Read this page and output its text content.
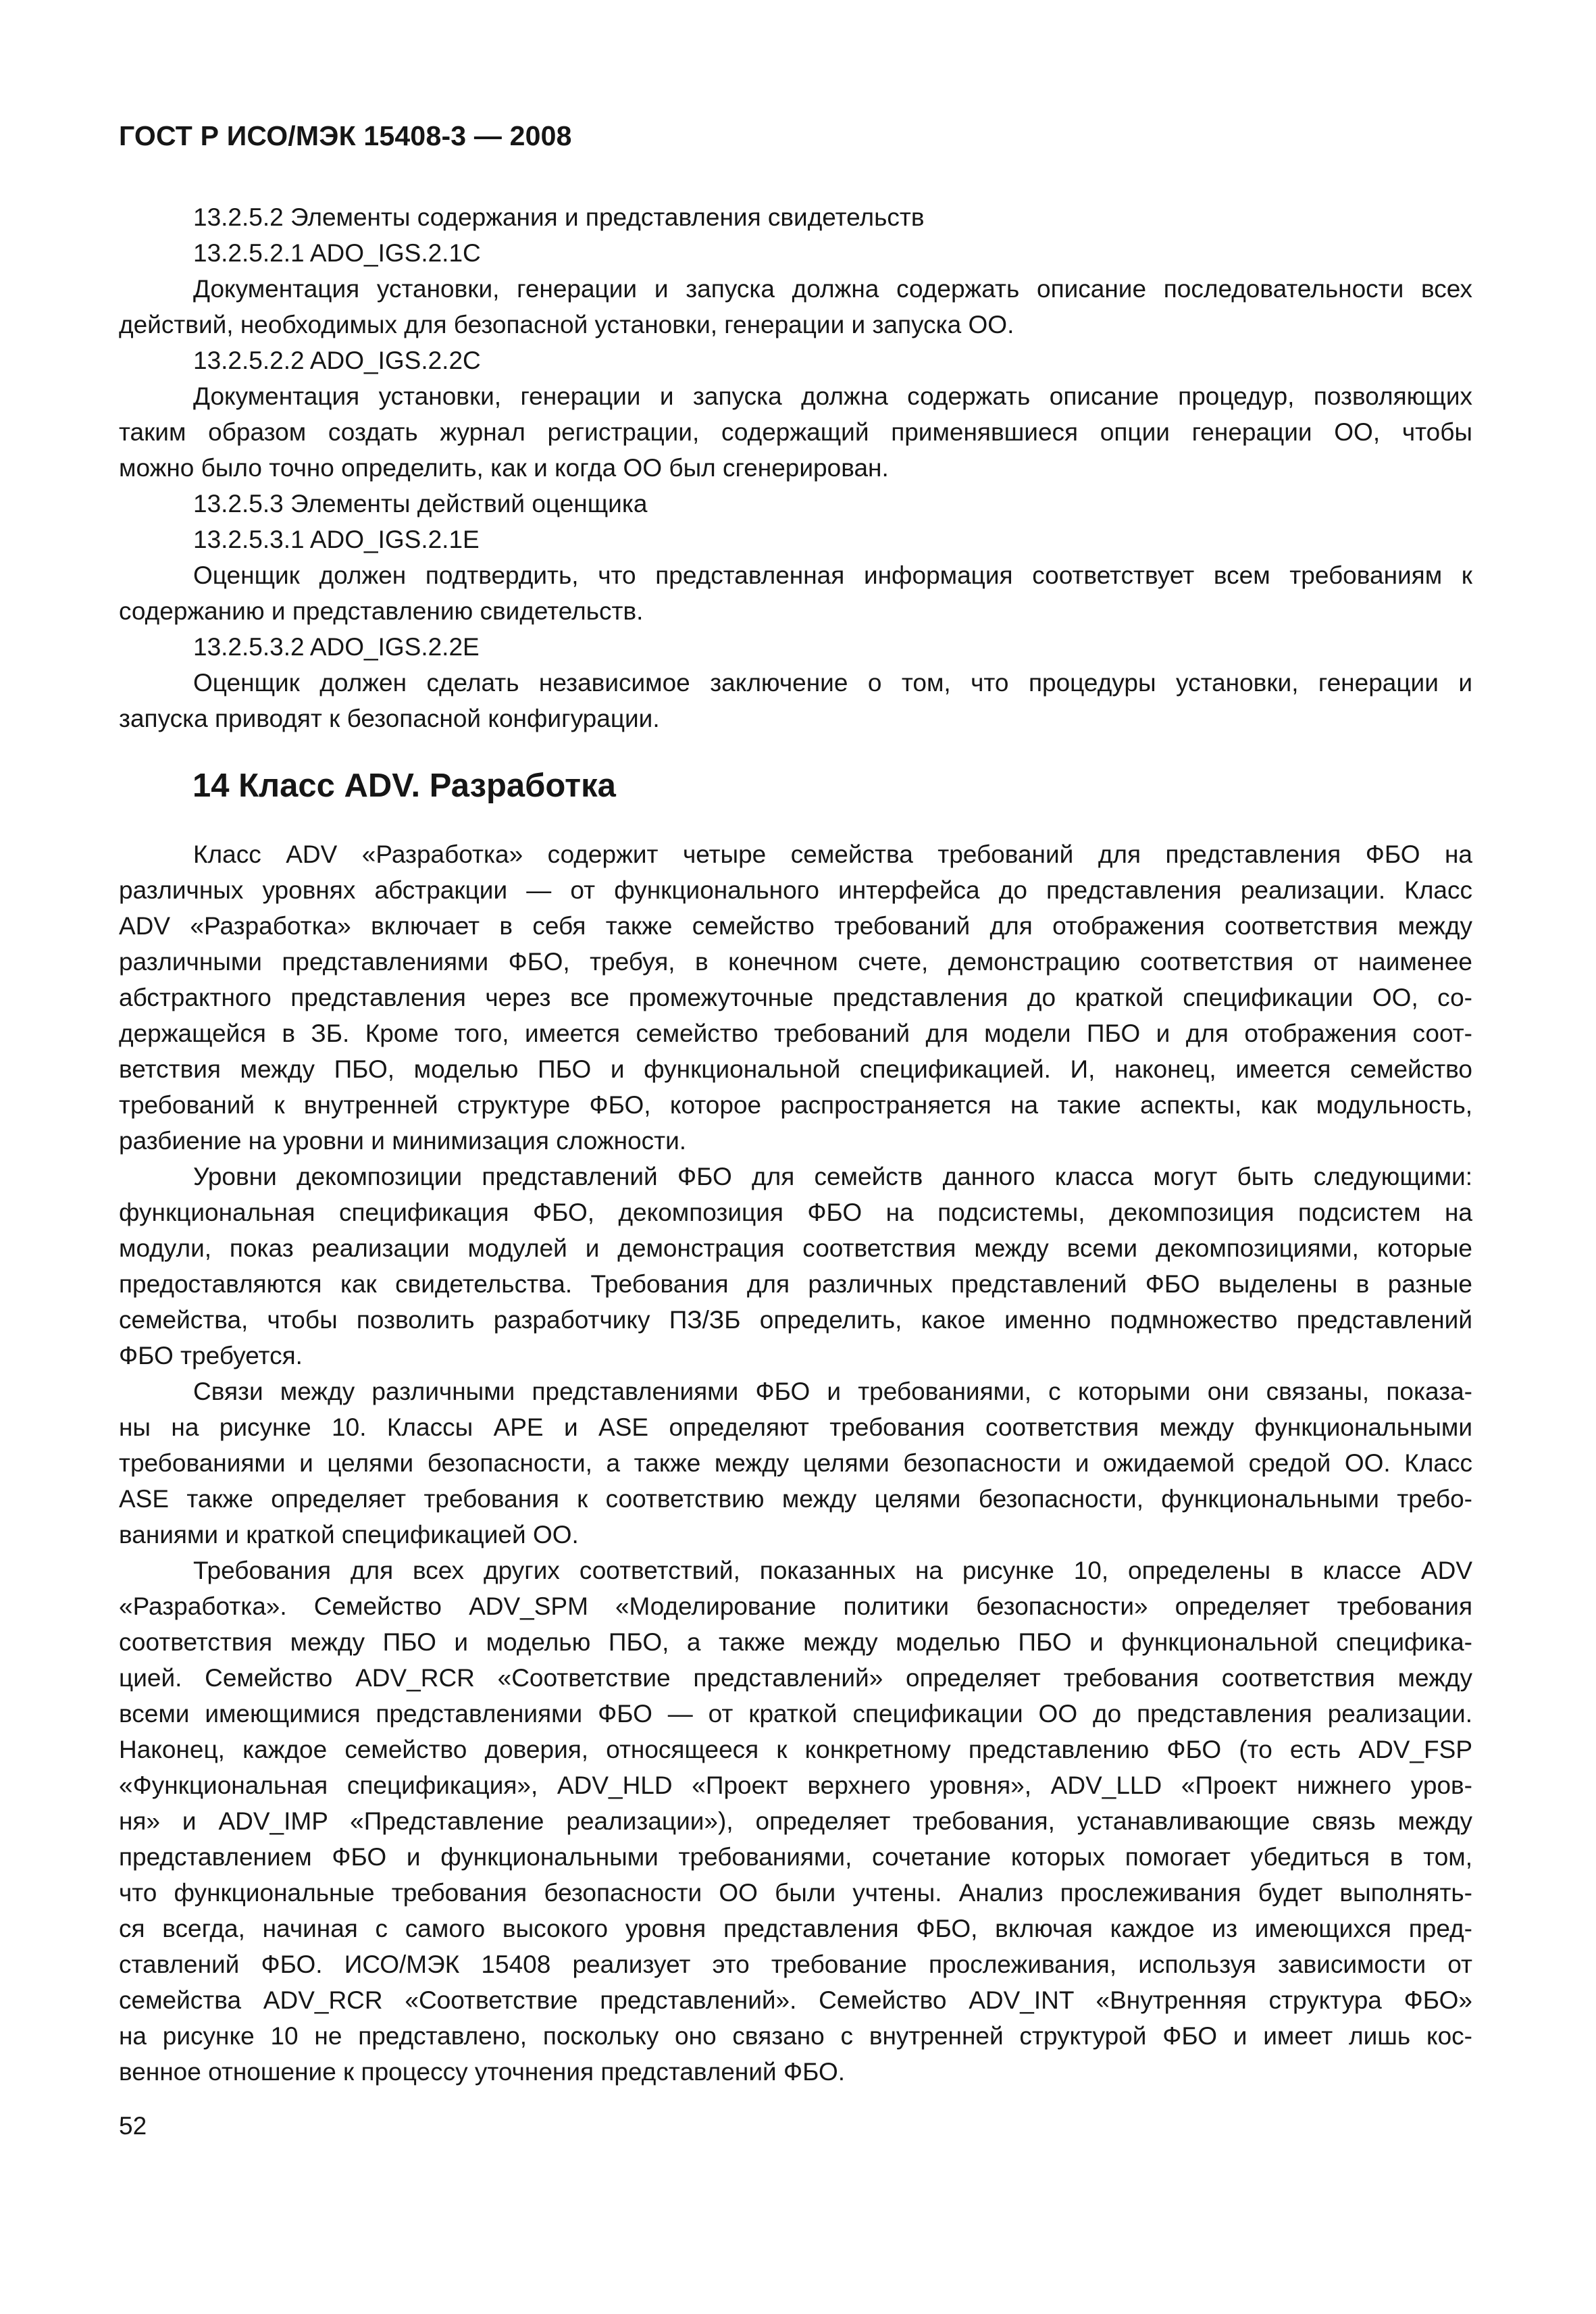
ГОСТ Р ИСО/МЭК 15408-3 — 2008
13.2.5.2 Элементы содержания и представления свидетельств
13.2.5.2.1 ADO_IGS.2.1C
Документация установки, генерации и запуска должна содержать описание последовательности всех
действий, необходимых для безопасной установки, генерации и запуска ОО.
13.2.5.2.2 ADO_IGS.2.2C
Документация установки, генерации и запуска должна содержать описание процедур, позволяющих
таким образом создать журнал регистрации, содержащий применявшиеся опции генерации ОО, чтобы
можно было точно определить, как и когда ОО был сгенерирован.
13.2.5.3 Элементы действий оценщика
13.2.5.3.1 ADO_IGS.2.1E
Оценщик должен подтвердить, что представленная информация соответствует всем требованиям к
содержанию и представлению свидетельств.
13.2.5.3.2 ADO_IGS.2.2E
Оценщик должен сделать независимое заключение о том, что процедуры установки, генерации и
запуска приводят к безопасной конфигурации.
14 Класс ADV. Разработка
Класс ADV «Разработка» содержит четыре семейства требований для представления ФБО на
различных уровнях абстракции — от функционального интерфейса до представления реализации. Класс
ADV «Разработка» включает в себя также семейство требований для отображения соответствия между
различными представлениями ФБО, требуя, в конечном счете, демонстрацию соответствия от наименее
абстрактного представления через все промежуточные представления до краткой спецификации ОО, со-
держащейся в ЗБ. Кроме того, имеется семейство требований для модели ПБО и для отображения соот-
ветствия между ПБО, моделью ПБО и функциональной спецификацией. И, наконец, имеется семейство
требований к внутренней структуре ФБО, которое распространяется на такие аспекты, как модульность,
разбиение на уровни и минимизация сложности.
Уровни декомпозиции представлений ФБО для семейств данного класса могут быть следующими:
функциональная спецификация ФБО, декомпозиция ФБО на подсистемы, декомпозиция подсистем на
модули, показ реализации модулей и демонстрация соответствия между всеми декомпозициями, которые
предоставляются как свидетельства. Требования для различных представлений ФБО выделены в разные
семейства, чтобы позволить разработчику ПЗ/ЗБ определить, какое именно подмножество представлений
ФБО требуется.
Связи между различными представлениями ФБО и требованиями, с которыми они связаны, показа-
ны на рисунке 10. Классы APE и ASE определяют требования соответствия между функциональными
требованиями и целями безопасности, а также между целями безопасности и ожидаемой средой ОО. Класс
ASE также определяет требования к соответствию между целями безопасности, функциональными требо-
ваниями и краткой спецификацией ОО.
Требования для всех других соответствий, показанных на рисунке 10, определены в классе ADV
«Разработка». Семейство ADV_SPM «Моделирование политики безопасности» определяет требования
соответствия между ПБО и моделью ПБО, а также между моделью ПБО и функциональной специфика-
цией. Семейство ADV_RCR «Соответствие представлений» определяет требования соответствия между
всеми имеющимися представлениями ФБО — от краткой спецификации ОО до представления реализации.
Наконец, каждое семейство доверия, относящееся к конкретному представлению ФБО (то есть ADV_FSP
«Функциональная спецификация», ADV_HLD «Проект верхнего уровня», ADV_LLD «Проект нижнего уров-
ня» и ADV_IMP «Представление реализации»), определяет требования, устанавливающие связь между
представлением ФБО и функциональными требованиями, сочетание которых помогает убедиться в том,
что функциональные требования безопасности ОО были учтены. Анализ прослеживания будет выполнять-
ся всегда, начиная с самого высокого уровня представления ФБО, включая каждое из имеющихся пред-
ставлений ФБО. ИСО/МЭК 15408 реализует это требование прослеживания, используя зависимости от
семейства ADV_RCR «Соответствие представлений». Семейство ADV_INT «Внутренняя структура ФБО»
на рисунке 10 не представлено, поскольку оно связано с внутренней структурой ФБО и имеет лишь кос-
венное отношение к процессу уточнения представлений ФБО.
52
